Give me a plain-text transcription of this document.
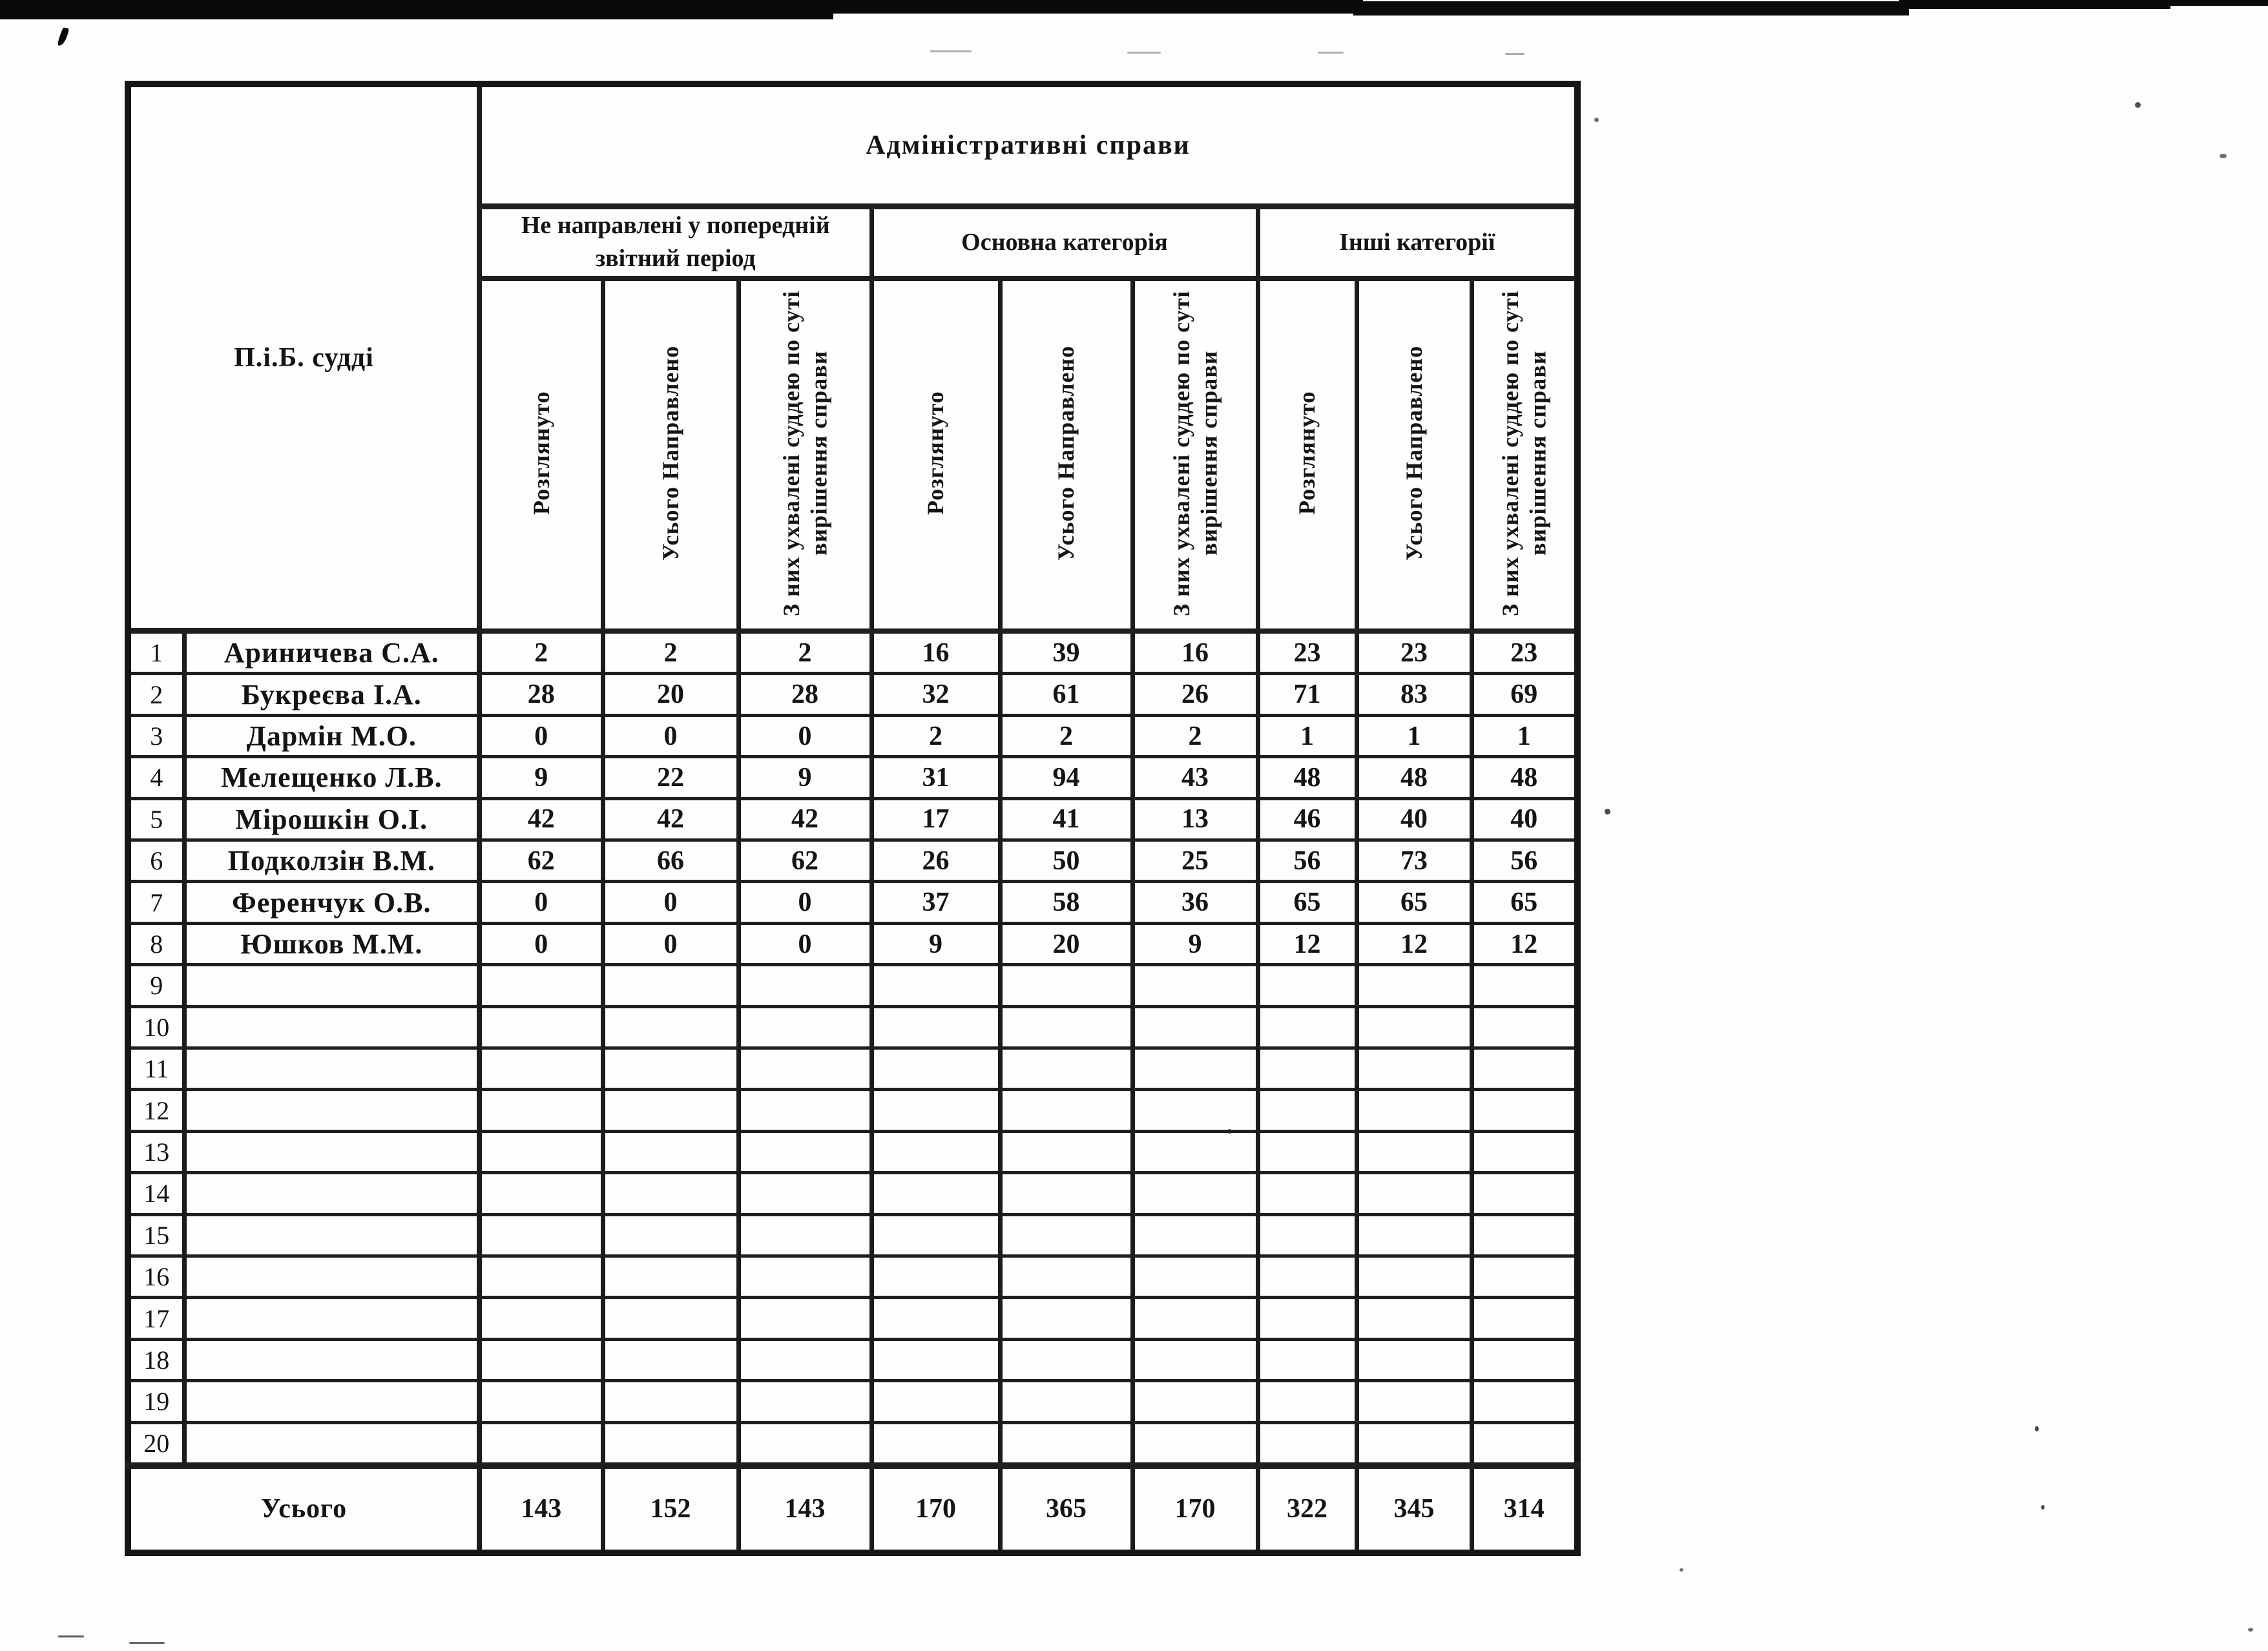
П.і.Б. судді		Адміністративні справи								
		Не направлені у попередній звітний період			Основна категорія			Інші категорії		
		Розглянуто	Усього Направлено	З них ухвалені суддею по суті вирішення справи	Розглянуто	Усього Направлено	З них ухвалені суддею по суті вирішення справи	Розглянуто	Усього Направлено	З них ухвалені суддею по суті вирішення справи
1	Ариничева С.А.	2	2	2	16	39	16	23	23	23
2	Букреєва І.А.	28	20	28	32	61	26	71	83	69
3	Дармін М.О.	0	0	0	2	2	2	1	1	1
4	Мелещенко Л.В.	9	22	9	31	94	43	48	48	48
5	Мірошкін О.І.	42	42	42	17	41	13	46	40	40
6	Подколзін В.М.	62	66	62	26	50	25	56	73	56
7	Ференчук О.В.	0	0	0	37	58	36	65	65	65
8	Юшков М.М.	0	0	0	9	20	9	12	12	12
9										
10										
11										
12										
13										
14										
15										
16										
17										
18										
19										
20										
Усього		143	152	143	170	365	170	322	345	314
